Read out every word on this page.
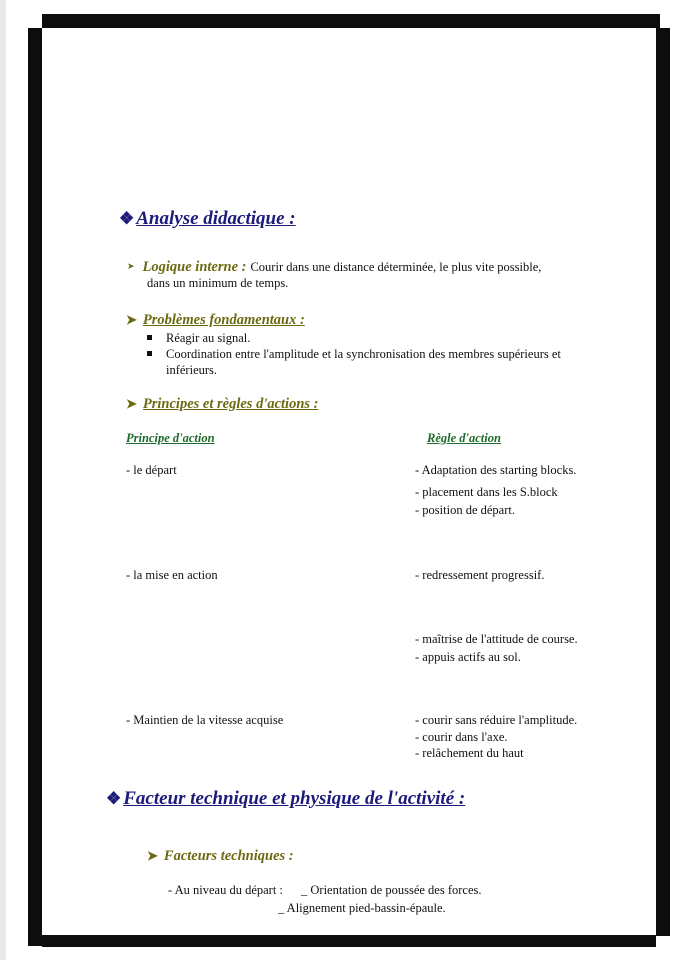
❖ Analyse didactique :
➤ Logique interne : Courir dans une distance déterminée, le plus vite possible,
dans un minimum de temps.
➤ Problèmes fondamentaux :
Réagir au signal.
Coordination entre l'amplitude et la synchronisation des membres supérieurs et
inférieurs.
➤ Principes et règles d'actions :
Principe d'action	Règle d'action
- le départ	- Adaptation des starting blocks.
- placement dans les S.block
- position de départ.
- la mise en action	- redressement progressif.
- maîtrise de l'attitude de course.
- appuis actifs au sol.
- Maintien de la vitesse acquise	- courir sans réduire l'amplitude.
- courir dans l'axe.
- relâchement du haut
❖ Facteur technique et physique de l'activité :
➤ Facteurs techniques :
- Au niveau du départ : _ Orientation de poussée des forces.
_ Alignement pied-bassin-épaule.
